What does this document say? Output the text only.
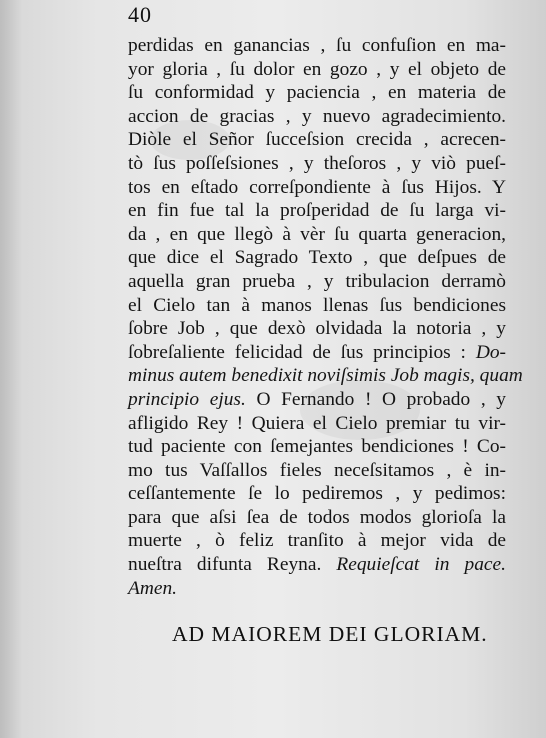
40
perdidas en ganancias , ſu confuſion en ma-
yor gloria , ſu dolor en gozo , y el objeto de
ſu conformidad y paciencia , en materia de
accion de gracias , y nuevo agradecimiento.
Diòle el Señor ſucceſsion crecida , acrecen-
tò ſus poſſeſsiones , y theſoros , y viò pueſ-
tos en eſtado correſpondiente à ſus Hijos. Y
en fin fue tal la proſperidad de ſu larga vi-
da , en que llegò à vèr ſu quarta generacion,
que dice el Sagrado Texto , que deſpues de
aquella gran prueba , y tribulacion derramò
el Cielo tan à manos llenas ſus bendiciones
ſobre Job , que dexò olvidada la notoria , y
ſobreſaliente felicidad de ſus principios : Do-
minus autem benedixit noviſsimis Job magis, quam
principio ejus. O Fernando ! O probado , y
afligido Rey ! Quiera el Cielo premiar tu vir-
tud paciente con ſemejantes bendiciones ! Co-
mo tus Vaſſallos fieles neceſsitamos , è in-
ceſſantemente ſe lo pediremos , y pedimos:
para que aſsi ſea de todos modos glorioſa la
muerte , ò feliz tranſito à mejor vida de
nueſtra difunta Reyna. Requieſcat in pace.
Amen.
AD MAIOREM DEI GLORIAM.
